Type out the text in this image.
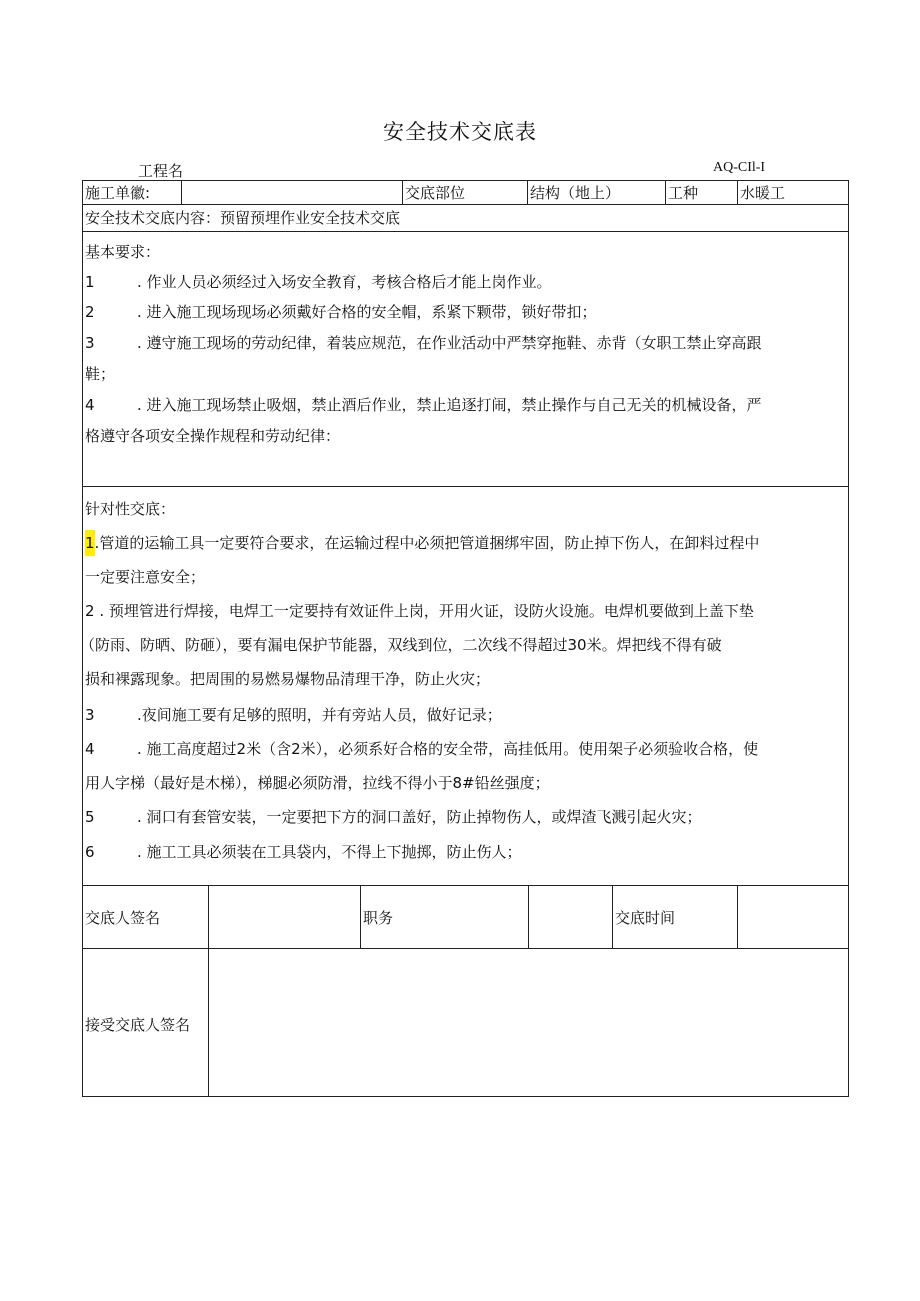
安全技术交底表
工程名	AQ-CIl-I
施工单徽:	交底部位	结构（地上）	工种	水暖工
安全技术交底内容：预留预埋作业安全技术交底
基本要求：
1	. 作业人员必须经过入场安全教育，考核合格后才能上岗作业。
2	. 进入施工现场现场必须戴好合格的安全帽，系紧下颗带，锁好带扣；
3	. 遵守施工现场的劳动纪律，着装应规范，在作业活动中严禁穿拖鞋、赤背（女职工禁止穿高跟
鞋；
4	. 进入施工现场禁止吸烟，禁止酒后作业，禁止追逐打闹，禁止操作与自己无关的机械设备，严
格遵守各项安全操作规程和劳动纪律：
针对性交底：
1.管道的运输工具一定要符合要求，在运输过程中必须把管道捆绑牢固，防止掉下伤人，在卸料过程中
一定要注意安全；
2 . 预埋管进行焊接，电焊工一定要持有效证件上岗，开用火证，设防火设施。电焊机要做到上盖下垫
（防雨、防晒、防砸），要有漏电保护节能器，双线到位，二次线不得超过30米。焊把线不得有破
损和裸露现象。把周围的易燃易爆物品清理干净，防止火灾；
3	.夜间施工要有足够的照明，并有旁站人员，做好记录；
4	. 施工高度超过2米（含2米），必须系好合格的安全带，高挂低用。使用架子必须验收合格，使
用人字梯（最好是木梯），梯腿必须防滑，拉线不得小于8#铅丝强度；
5	. 洞口有套管安装，一定要把下方的洞口盖好，防止掉物伤人，或焊渣飞溅引起火灾；
6	. 施工工具必须装在工具袋内，不得上下抛掷，防止伤人；
交底人签名	职务	交底时间
接受交底人签名
